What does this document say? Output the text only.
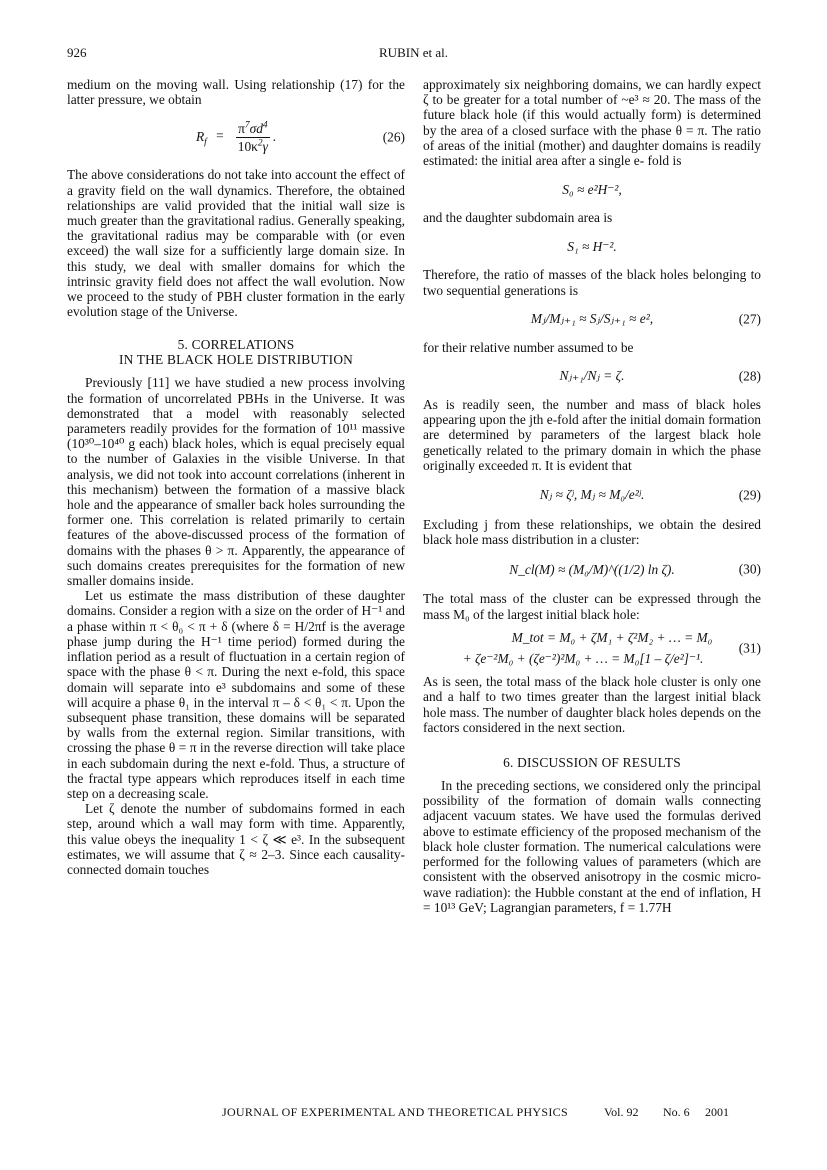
926	RUBIN et al.

medium on the moving wall. Using relationship (17) for the latter pressure, we obtain

$R_f = \frac{\pi^7\sigma d^4}{10\kappa^2\gamma}$ .	(26)

The above considerations do not take into account the effect of a gravity field on the wall dynamics. Therefore, the obtained relationships are valid provided that the initial wall size is much greater than the gravitational radius. Generally speaking, the gravitational radius may be comparable with (or even exceed) the wall size for a sufficiently large domain size. In this study, we deal with smaller domains for which the intrinsic gravity field does not affect the wall evolution. Now we proceed to the study of PBH cluster formation in the early evolution stage of the Universe.

5. CORRELATIONS
IN THE BLACK HOLE DISTRIBUTION

Previously [11] we have studied a new process involving the formation of uncorrelated PBHs in the Universe. It was demonstrated that a model with reasonably selected parameters readily provides for the formation of 10¹¹ massive (10³⁰–10⁴⁰ g each) black holes, which is equal precisely equal to the number of Galaxies in the visible Universe. In that analysis, we did not took into account correlations (inherent in this mechanism) between the formation of a massive black hole and the appearance of smaller back holes surrounding the former one. This correlation is related primarily to certain features of the above-discussed process of the formation of domains with the phases θ > π. Apparently, the appearance of such domains creates prerequisites for the formation of new smaller domains inside.

Let us estimate the mass distribution of these daughter domains. Consider a region with a size on the order of H⁻¹ and a phase within π < θ₀ < π + δ (where δ = H/2πf is the average phase jump during the H⁻¹ time period) formed during the inflation period as a result of fluctuation in a certain region of space with the phase θ < π. During the next e-fold, this space domain will separate into e³ subdomains and some of these will acquire a phase θ₁ in the interval π – δ < θ₁ < π. Upon the subsequent phase transition, these domains will be separated by walls from the external region. Similar transitions, with crossing the phase θ = π in the reverse direction will take place in each subdomain during the next e-fold. Thus, a structure of the fractal type appears which reproduces itself in each time step on a decreasing scale.

Let ζ denote the number of subdomains formed in each step, around which a wall may form with time. Apparently, this value obeys the inequality 1 < ζ ≪ e³. In the subsequent estimates, we will assume that ζ ≈ 2–3. Since each causality-connected domain touches

approximately six neighboring domains, we can hardly expect ζ to be greater for a total number of ~e³ ≈ 20. The mass of the future black hole (if this would actually form) is determined by the area of a closed surface with the phase θ = π. The ratio of areas of the initial (mother) and daughter domains is readily estimated: the initial area after a single e- fold is

S₀ ≈ e²H⁻²,

and the daughter subdomain area is

S₁ ≈ H⁻².

Therefore, the ratio of masses of the black holes belonging to two sequential generations is

Mⱼ/Mⱼ₊₁ ≈ Sⱼ/Sⱼ₊₁ ≈ e²,	(27)

for their relative number assumed to be

Nⱼ₊₁/Nⱼ = ζ.	(28)

As is readily seen, the number and mass of black holes appearing upon the jth e-fold after the initial domain formation are determined by parameters of the largest black hole genetically related to the primary domain in which the phase originally exceeded π. It is evident that

Nⱼ ≈ ζʲ, Mⱼ ≈ M₀/e²ʲ.	(29)

Excluding j from these relationships, we obtain the desired black hole mass distribution in a cluster:

N_cl(M) ≈ (M₀/M)^((1/2) ln ζ).	(30)

The total mass of the cluster can be expressed through the mass M₀ of the largest initial black hole:

M_tot = M₀ + ζM₁ + ζ²M₂ + … = M₀
+ ζe⁻²M₀ + (ζe⁻²)²M₀ + … = M₀[1 – ζ/e²]⁻¹.
(31)

As is seen, the total mass of the black hole cluster is only one and a half to two times greater than the largest initial black hole mass. The number of daughter black holes depends on the factors considered in the next section.

6. DISCUSSION OF RESULTS

In the preceding sections, we considered only the principal possibility of the formation of domain walls connecting adjacent vacuum states. We have used the formulas derived above to estimate efficiency of the proposed mechanism of the black hole cluster formation. The numerical calculations were performed for the following values of parameters (which are consistent with the observed anisotropy in the cosmic microwave radiation): the Hubble constant at the end of inflation, H = 10¹³ GeV; Lagrangian parameters, f = 1.77H

JOURNAL OF EXPERIMENTAL AND THEORETICAL PHYSICS	Vol. 92 No. 6 2001
